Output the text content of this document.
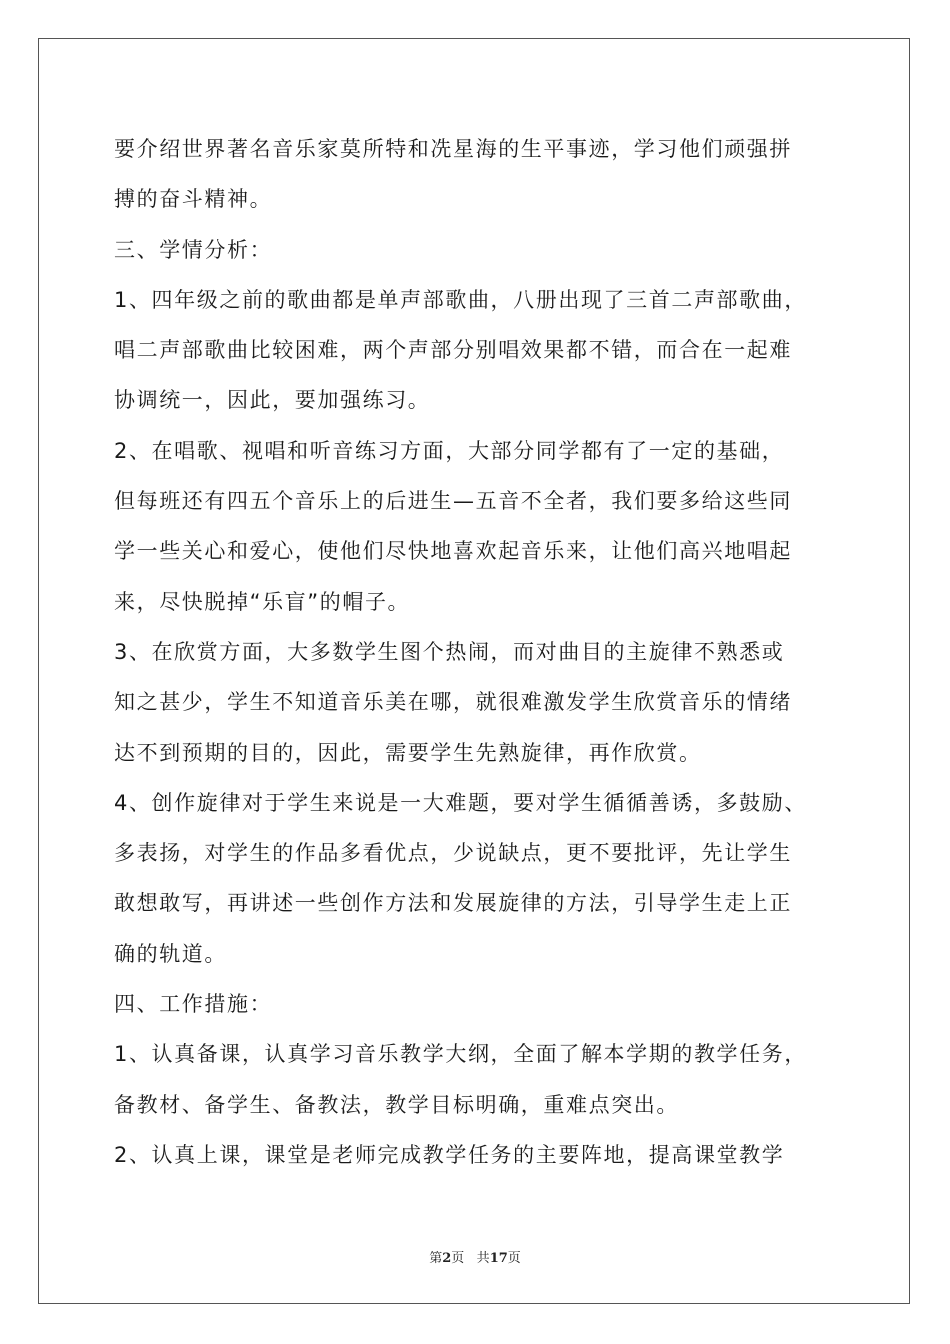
要介绍世界著名音乐家莫所特和冼星海的生平事迹，学习他们顽强拼
搏的奋斗精神。
三、学情分析：
1、四年级之前的歌曲都是单声部歌曲，八册出现了三首二声部歌曲，
唱二声部歌曲比较困难，两个声部分别唱效果都不错，而合在一起难
协调统一，因此，要加强练习。
2、在唱歌、视唱和听音练习方面，大部分同学都有了一定的基础，
但每班还有四五个音乐上的后进生—五音不全者，我们要多给这些同
学一些关心和爱心，使他们尽快地喜欢起音乐来，让他们高兴地唱起
来，尽快脱掉“乐盲”的帽子。
3、在欣赏方面，大多数学生图个热闹，而对曲目的主旋律不熟悉或
知之甚少，学生不知道音乐美在哪，就很难激发学生欣赏音乐的情绪
达不到预期的目的，因此，需要学生先熟旋律，再作欣赏。
4、创作旋律对于学生来说是一大难题，要对学生循循善诱，多鼓励、
多表扬，对学生的作品多看优点，少说缺点，更不要批评，先让学生
敢想敢写，再讲述一些创作方法和发展旋律的方法，引导学生走上正
确的轨道。
四、工作措施：
1、认真备课，认真学习音乐教学大纲，全面了解本学期的教学任务，
备教材、备学生、备教法，教学目标明确，重难点突出。
2、认真上课，课堂是老师完成教学任务的主要阵地，提高课堂教学
第2页 共17页
